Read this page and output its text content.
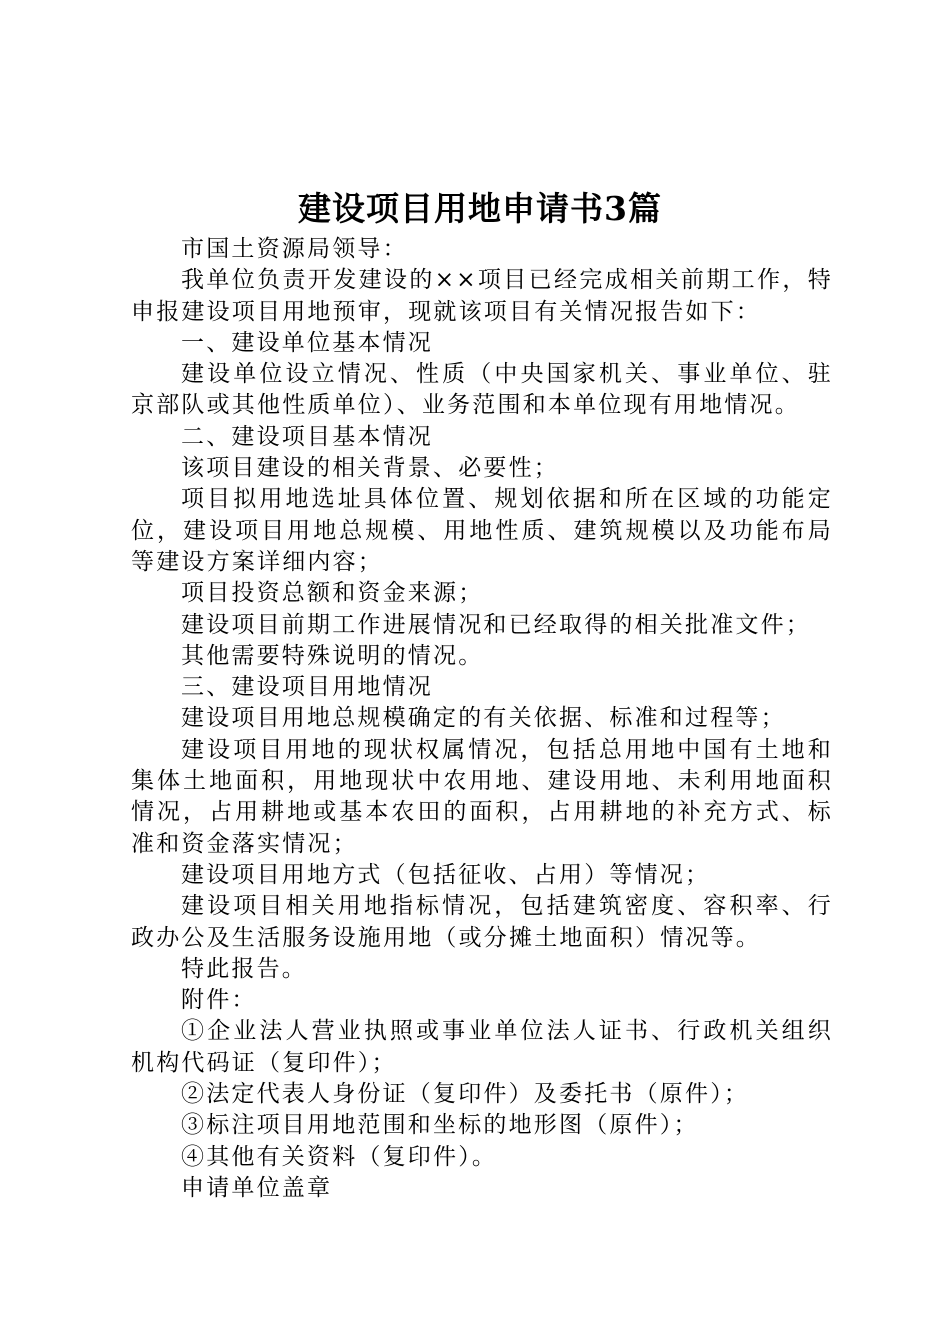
建设项目用地申请书3篇

市国土资源局领导：

我单位负责开发建设的××项目已经完成相关前期工作，特申报建设项目用地预审，现就该项目有关情况报告如下：

一、建设单位基本情况

建设单位设立情况、性质（中央国家机关、事业单位、驻京部队或其他性质单位）、业务范围和本单位现有用地情况。

二、建设项目基本情况

该项目建设的相关背景、必要性；

项目拟用地选址具体位置、规划依据和所在区域的功能定位，建设项目用地总规模、用地性质、建筑规模以及功能布局等建设方案详细内容；

项目投资总额和资金来源；

建设项目前期工作进展情况和已经取得的相关批准文件；

其他需要特殊说明的情况。

三、建设项目用地情况

建设项目用地总规模确定的有关依据、标准和过程等；

建设项目用地的现状权属情况，包括总用地中国有土地和集体土地面积，用地现状中农用地、建设用地、未利用地面积情况，占用耕地或基本农田的面积，占用耕地的补充方式、标准和资金落实情况；

建设项目用地方式（包括征收、占用）等情况；

建设项目相关用地指标情况，包括建筑密度、容积率、行政办公及生活服务设施用地（或分摊土地面积）情况等。

特此报告。

附件：

①企业法人营业执照或事业单位法人证书、行政机关组织机构代码证（复印件）；

②法定代表人身份证（复印件）及委托书（原件）；

③标注项目用地范围和坐标的地形图（原件）；

④其他有关资料（复印件）。

申请单位盖章
